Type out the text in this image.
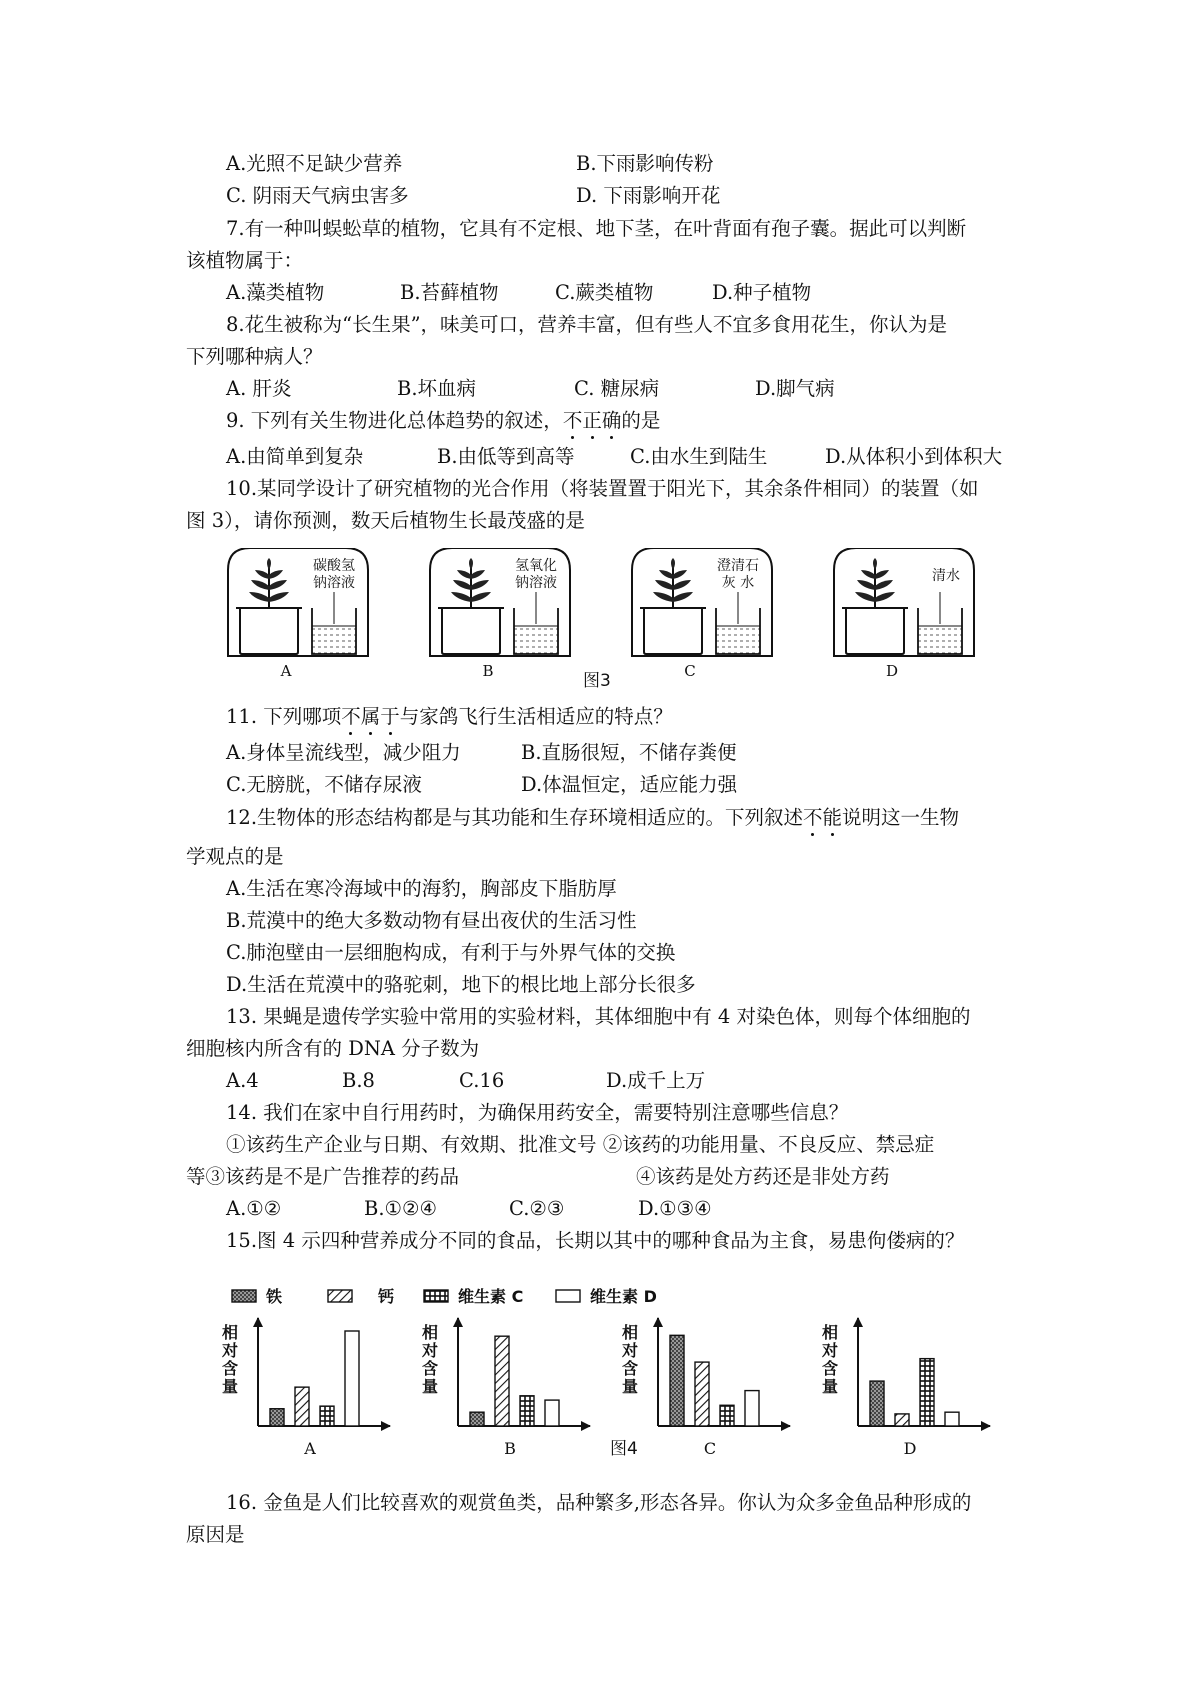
A.光照不足缺少营养	B.下雨影响传粉
C. 阴雨天气病虫害多	D. 下雨影响开花
7.有一种叫蜈蚣草的植物，它具有不定根、地下茎，在叶背面有孢子囊。据此可以判断
该植物属于：
A.藻类植物	B.苔藓植物	C.蕨类植物	D.种子植物
8.花生被称为“长生果”，味美可口，营养丰富，但有些人不宜多食用花生，你认为是
下列哪种病人？
A. 肝炎	B.坏血病	C. 糖尿病	D.脚气病
9. 下列有关生物进化总体趋势的叙述，不正确的是
A.由简单到复杂	B.由低等到高等	C.由水生到陆生	D.从体积小到体积大
10.某同学设计了研究植物的光合作用（将装置置于阳光下，其余条件相同）的装置（如
图 3），请你预测，数天后植物生长最茂盛的是
碳酸氢
钠溶液
A
氢氧化
钠溶液
B
澄清石
灰 水
C
清水
D
图3
11. 下列哪项不属于与家鸽飞行生活相适应的特点？
A.身体呈流线型，减少阻力	B.直肠很短，不储存粪便
C.无膀胱，不储存尿液	D.体温恒定，适应能力强
12.生物体的形态结构都是与其功能和生存环境相适应的。下列叙述不能说明这一生物
学观点的是
A.生活在寒冷海域中的海豹，胸部皮下脂肪厚
B.荒漠中的绝大多数动物有昼出夜伏的生活习性
C.肺泡壁由一层细胞构成，有利于与外界气体的交换
D.生活在荒漠中的骆驼刺，地下的根比地上部分长很多
13. 果蝇是遗传学实验中常用的实验材料，其体细胞中有 4 对染色体，则每个体细胞的
细胞核内所含有的 DNA 分子数为
A.4	B.8	C.16	D.成千上万
14. 我们在家中自行用药时，为确保用药安全，需要特别注意哪些信息？
①该药生产企业与日期、有效期、批准文号 ②该药的功能用量、不良反应、禁忌症
等③该药是不是广告推荐的药品	④该药是处方药还是非处方药
A.①②	B.①②④	C.②③	D.①③④
15.图 4 示四种营养成分不同的食品，长期以其中的哪种食品为主食，易患佝偻病的？
铁	钙	维生素 C	维生素 D
相
对
含
量
A
相
对
含
量
B
相
对
含
量
C
相
对
含
量
D
图4
16. 金鱼是人们比较喜欢的观赏鱼类，品种繁多,形态各异。你认为众多金鱼品种形成的
原因是
